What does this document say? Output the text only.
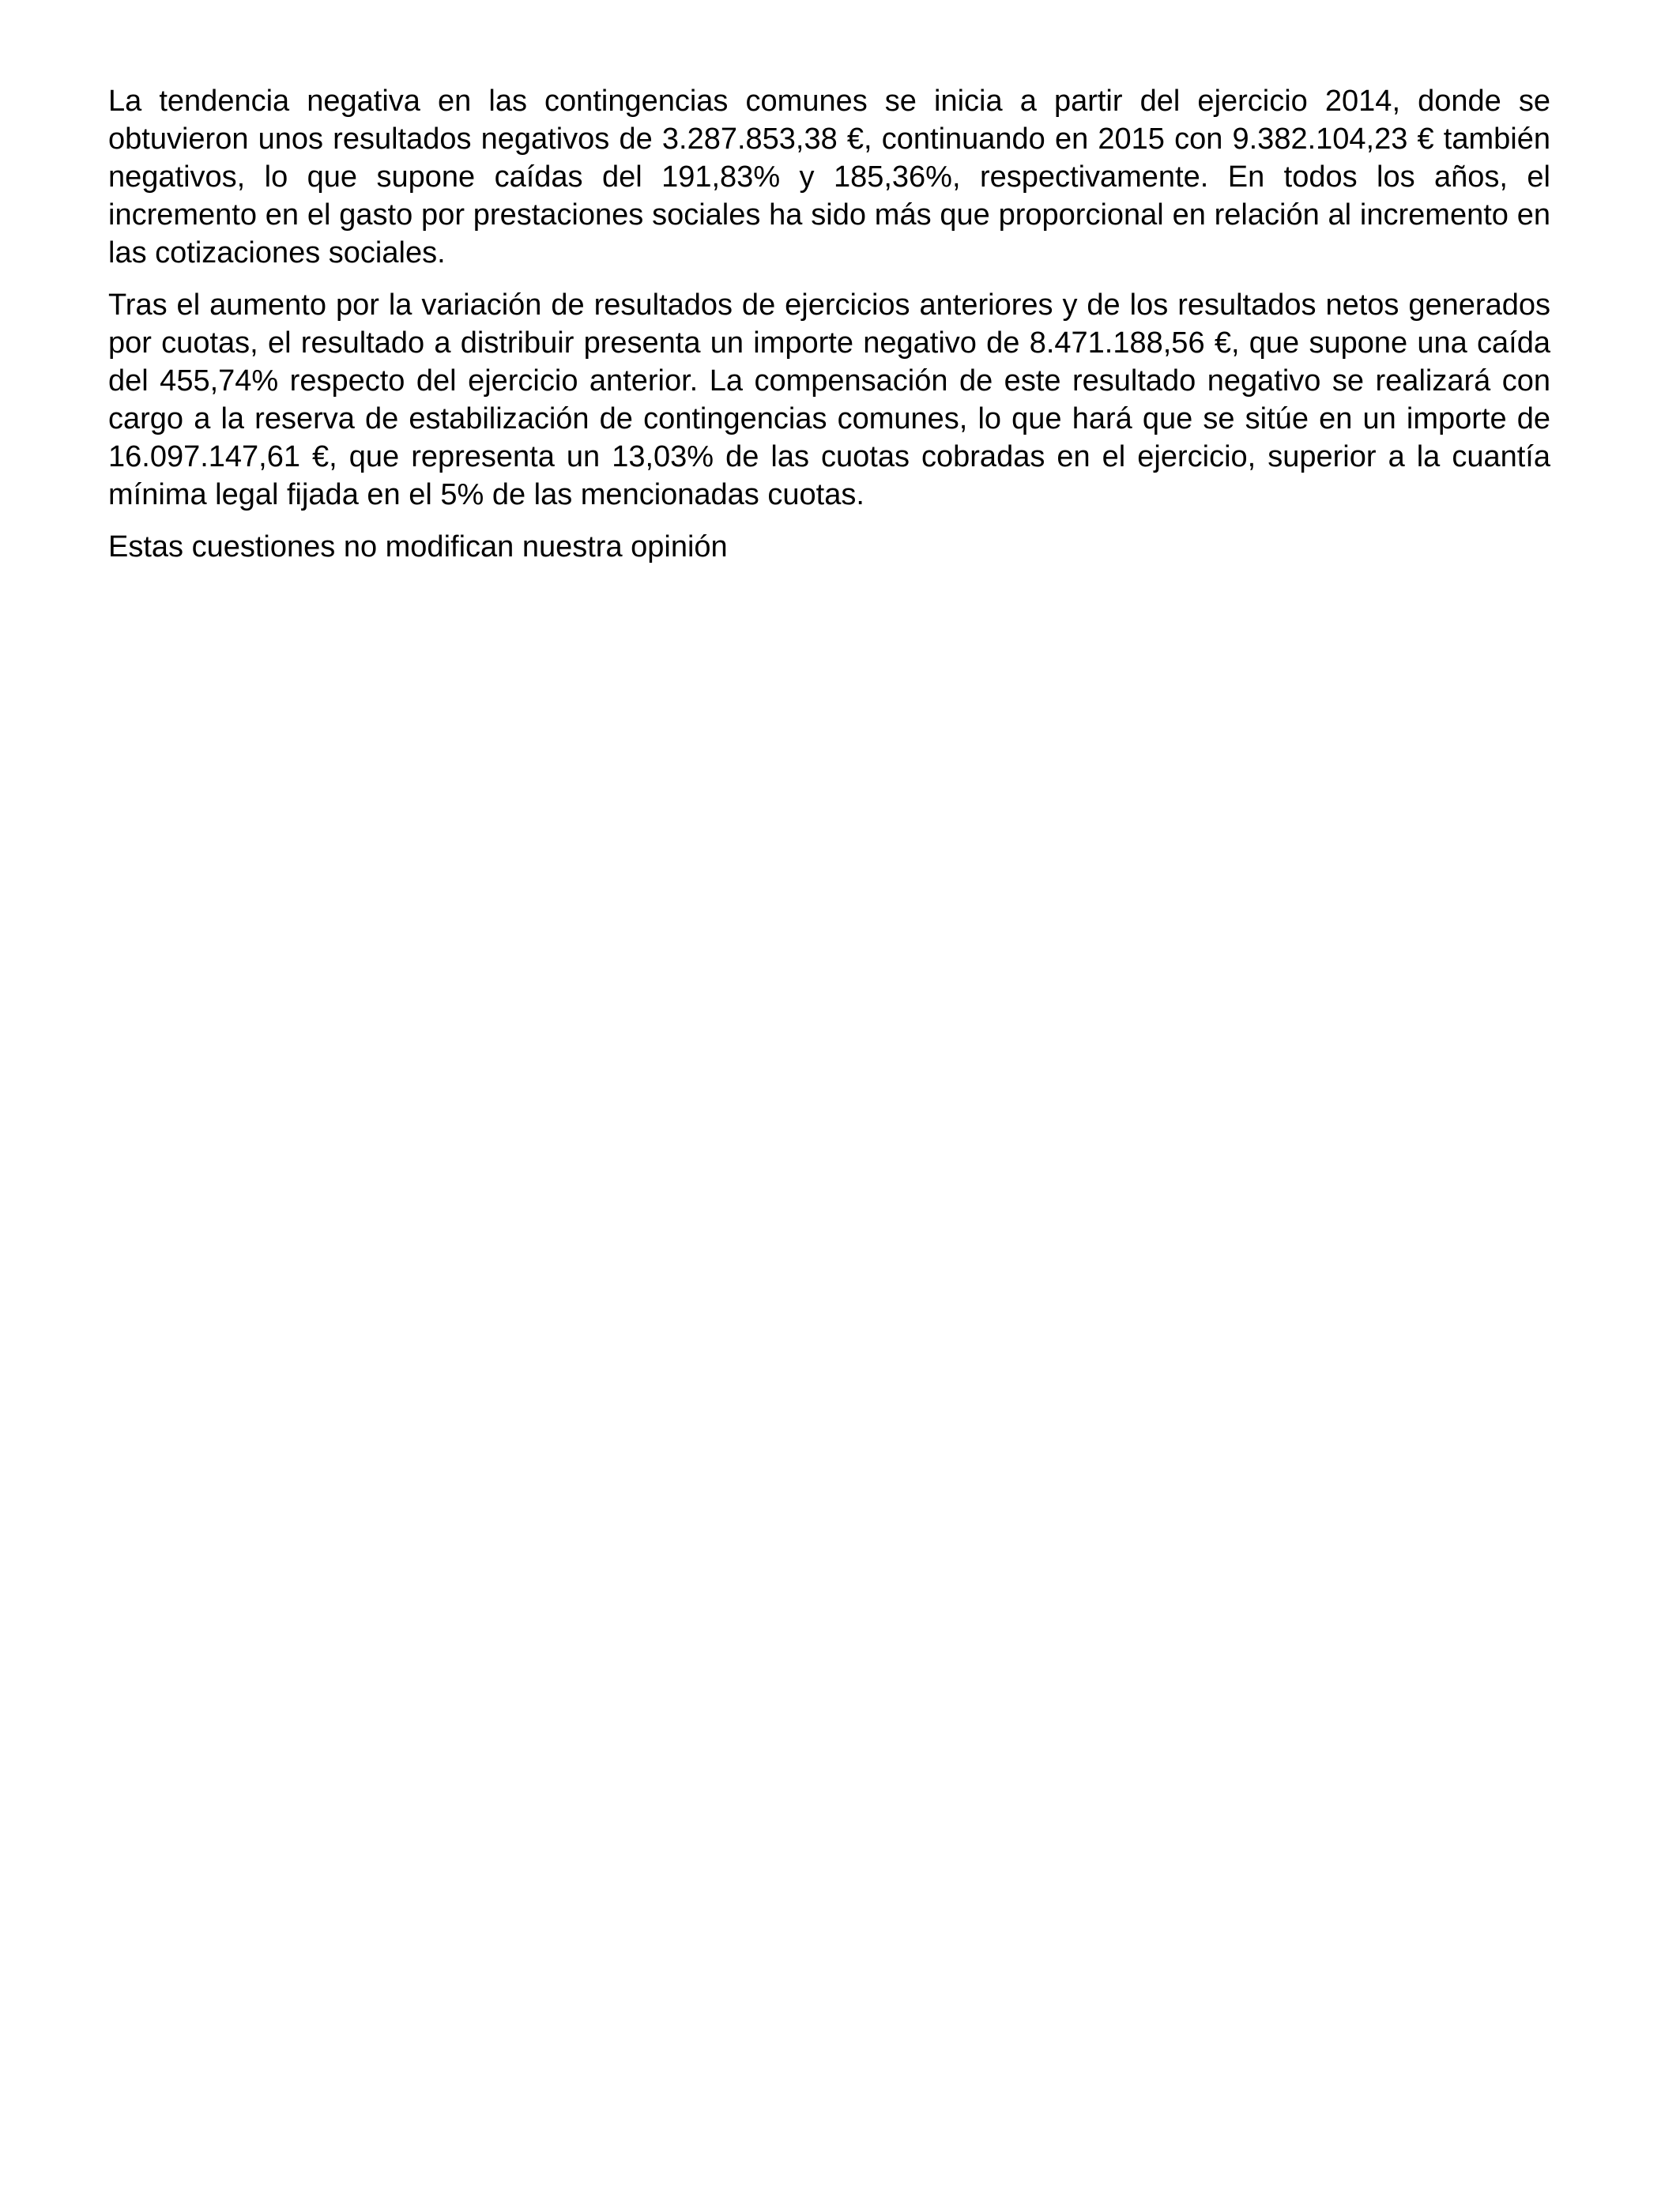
La tendencia negativa en las contingencias comunes se inicia a partir del ejercicio 2014, donde se obtuvieron unos resultados negativos de 3.287.853,38 €, continuando en 2015 con 9.382.104,23 € también negativos, lo que supone caídas del 191,83% y 185,36%, respectivamente. En todos los años, el incremento en el gasto por prestaciones sociales ha sido más que proporcional en relación al incremento en las cotizaciones sociales.

Tras el aumento por la variación de resultados de ejercicios anteriores y de los resultados netos generados por cuotas, el resultado a distribuir presenta un importe negativo de 8.471.188,56 €, que supone una caída del 455,74% respecto del ejercicio anterior. La compensación de este resultado negativo se realizará con cargo a la reserva de estabilización de contingencias comunes, lo que hará que se sitúe en un importe de 16.097.147,61 €, que representa un 13,03% de las cuotas cobradas en el ejercicio, superior a la cuantía mínima legal fijada en el 5% de las mencionadas cuotas.

Estas cuestiones no modifican nuestra opinión
